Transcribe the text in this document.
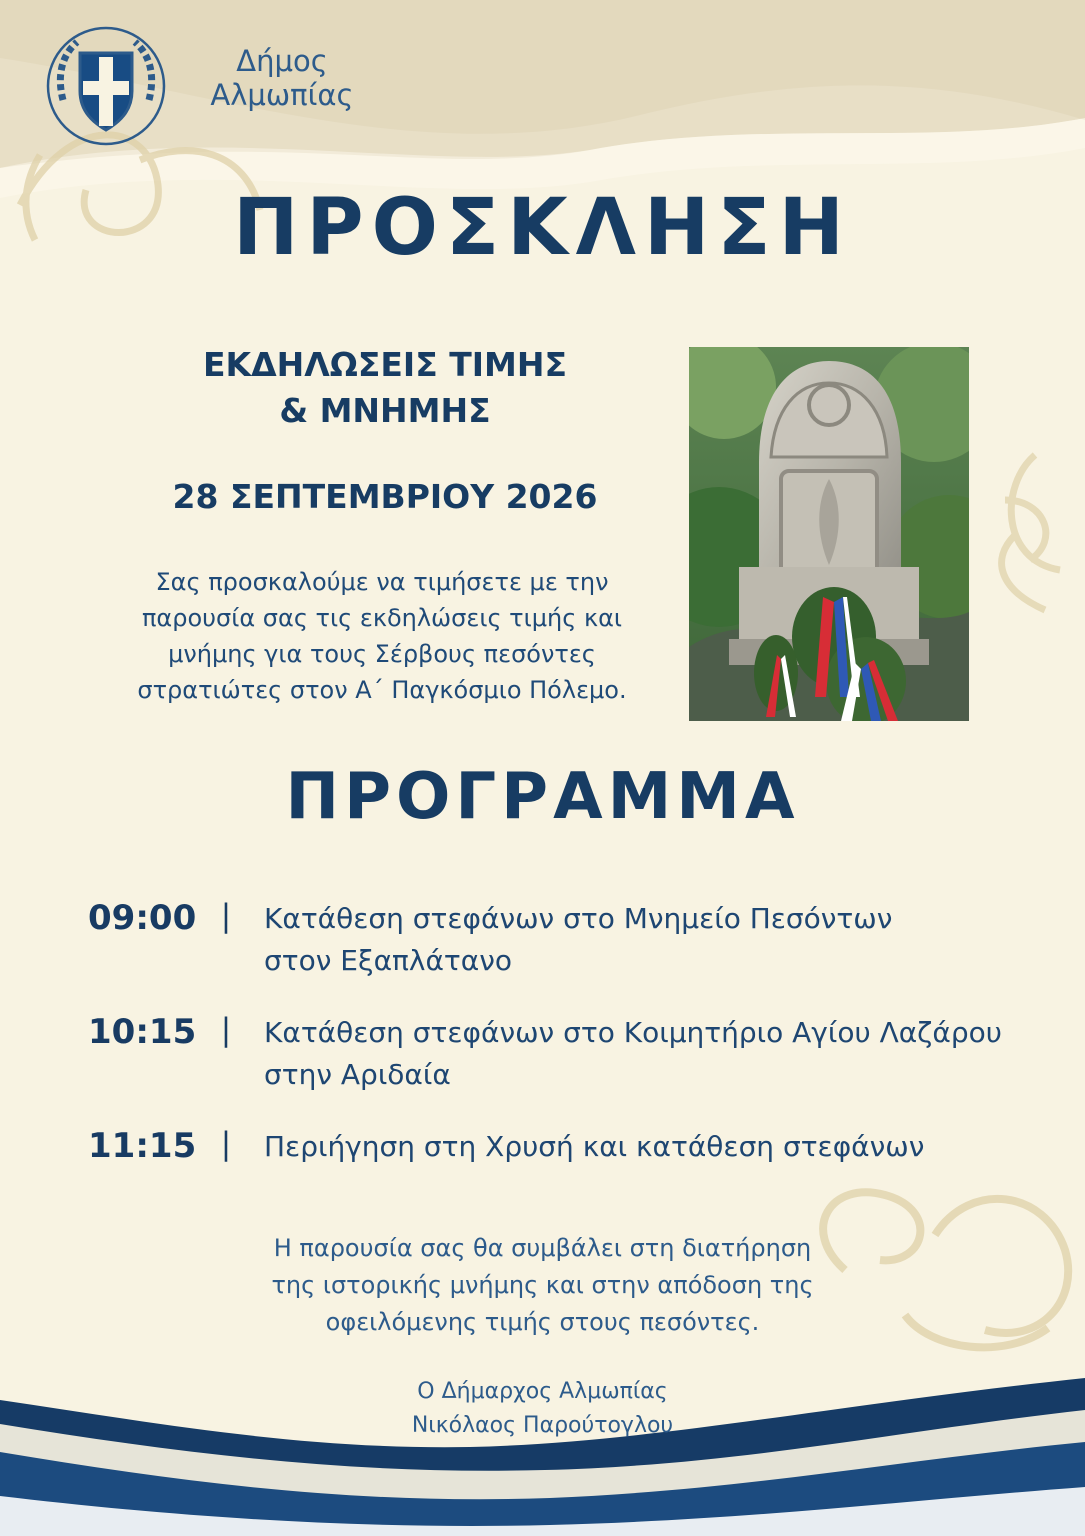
Δήμος
Αλμωπίας
ΠΡΟΣΚΛΗΣΗ
ΕΚΔΗΛΩΣΕΙΣ ΤΙΜΗΣ
& ΜΝΗΜΗΣ
28 ΣΕΠΤΕΜΒΡΙΟΥ 2026
Σας προσκαλούμε να τιμήσετε με την
παρουσία σας τις εκδηλώσεις τιμής και
μνήμης για τους Σέρβους πεσόντες
στρατιώτες στον Α΄ Παγκόσμιο Πόλεμο.
ΠΡΟΓΡΑΜΜΑ
09:00 | Κατάθεση στεφάνων στο Μνημείο Πεσόντων
στον Εξαπλάτανο
10:15 | Κατάθεση στεφάνων στο Κοιμητήριο Αγίου Λαζάρου
στην Αριδαία
11:15 | Περιήγηση στη Χρυσή και κατάθεση στεφάνων
Η παρουσία σας θα συμβάλει στη διατήρηση
της ιστορικής μνήμης και στην απόδοση της
οφειλόμενης τιμής στους πεσόντες.
Ο Δήμαρχος Αλμωπίας
Νικόλαος Παρούτογλου
